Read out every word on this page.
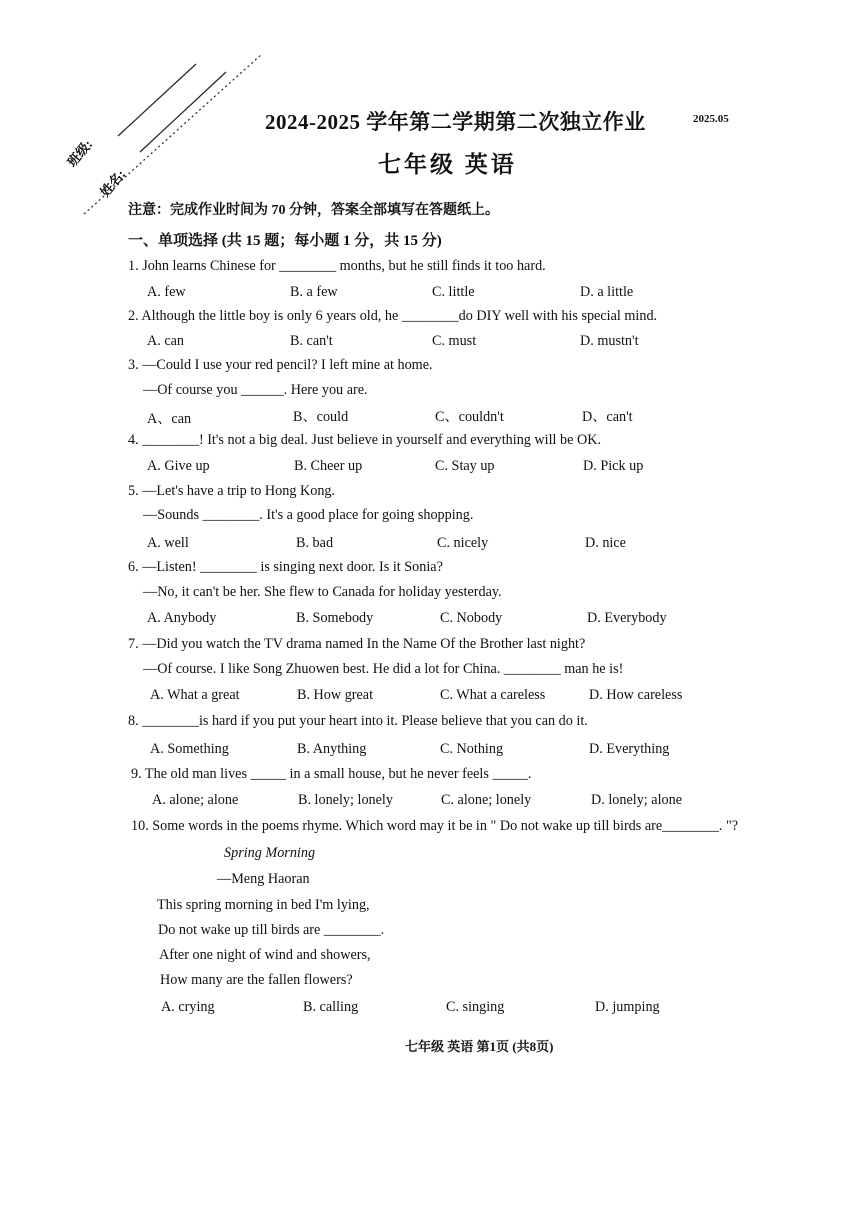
班级:
姓名:
2024-2025 学年第二学期第二次独立作业	2025.05
七年级 英语
注意：完成作业时间为 70 分钟，答案全部填写在答题纸上。
一、单项选择 (共 15 题；每小题 1 分，共 15 分)
1. John learns Chinese for ________ months, but he still finds it too hard.
A. few	B. a few	C. little	D. a little
2. Although the little boy is only 6 years old, he ________do DIY well with his special mind.
A. can	B. can't	C. must	D. mustn't
3. —Could I use your red pencil? I left mine at home.
—Of course you ______. Here you are.
A、can	B、could	C、couldn't	D、can't
4. ________! It's not a big deal. Just believe in yourself and everything will be OK.
A. Give up	B. Cheer up	C. Stay up	D. Pick up
5. —Let's have a trip to Hong Kong.
—Sounds ________. It's a good place for going shopping.
A. well	B. bad	C. nicely	D. nice
6. —Listen! ________ is singing next door. Is it Sonia?
—No, it can't be her. She flew to Canada for holiday yesterday.
A. Anybody	B. Somebody	C. Nobody	D. Everybody
7. —Did you watch the TV drama named In the Name Of the Brother last night?
—Of course. I like Song Zhuowen best. He did a lot for China. ________ man he is!
A. What a great	B. How great	C. What a careless	D. How careless
8. ________is hard if you put your heart into it. Please believe that you can do it.
A. Something	B. Anything	C. Nothing	D. Everything
9. The old man lives _____ in a small house, but he never feels _____.
A. alone; alone	B. lonely; lonely	C. alone; lonely	D. lonely; alone
10. Some words in the poems rhyme. Which word may it be in " Do not wake up till birds are________. "?
Spring Morning
—Meng Haoran
This spring morning in bed I'm lying,
Do not wake up till birds are ________.
After one night of wind and showers,
How many are the fallen flowers?
A. crying	B. calling	C. singing	D. jumping
七年级 英语 第1页 (共8页)
